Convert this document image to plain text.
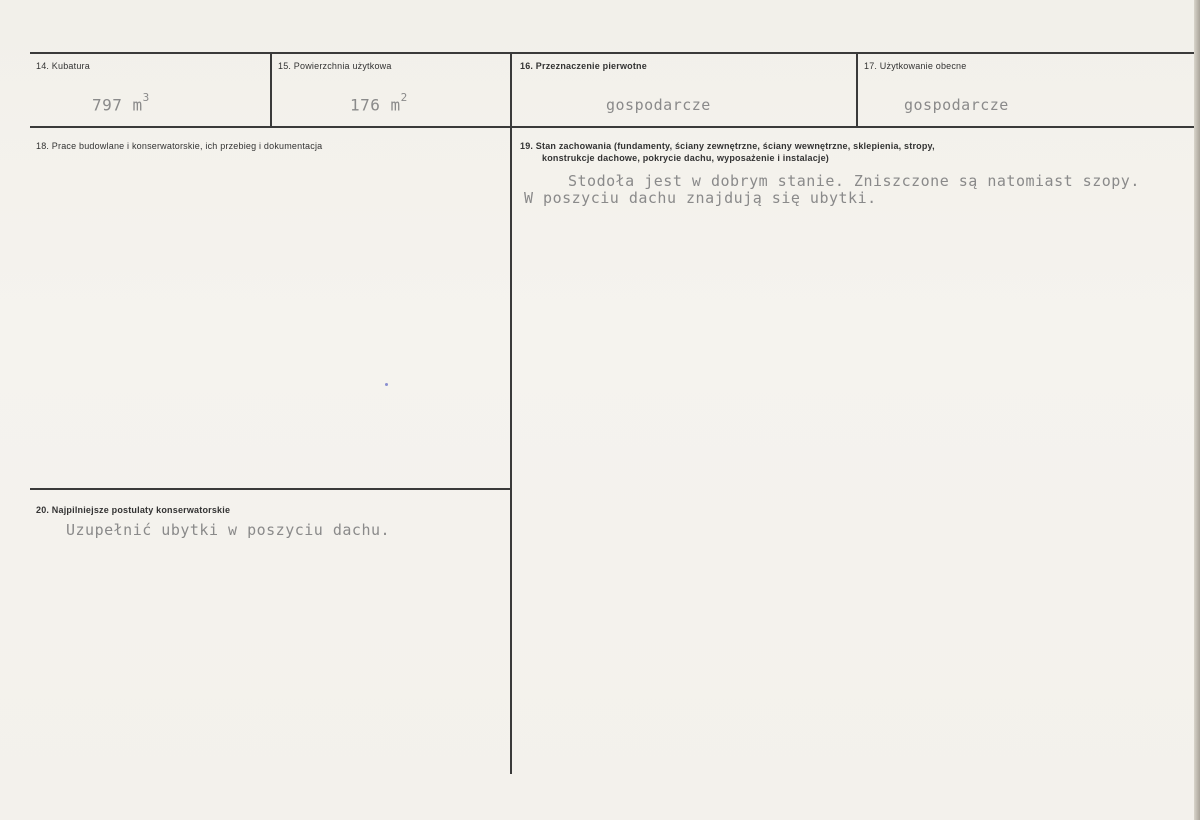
14. Kubatura
797 $m^3$
15. Powierzchnia użytkowa
176 $m^2$
16. Przeznaczenie pierwotne
gospodarcze
17. Użytkowanie obecne
gospodarcze
18. Prace budowlane i konserwatorskie, ich przebieg i dokumentacja	19. Stan zachowania (fundamenty, ściany zewnętrzne, ściany wewnętrzne, sklepienia, stropy,
konstrukcje dachowe, pokrycie dachu, wyposażenie i instalacje)
Stodoła jest w dobrym stanie. Zniszczone są natomiast szopy.
W poszyciu dachu znajdują się ubytki.
20. Najpilniejsze postulaty konserwatorskie
Uzupełnić ubytki w poszyciu dachu.
